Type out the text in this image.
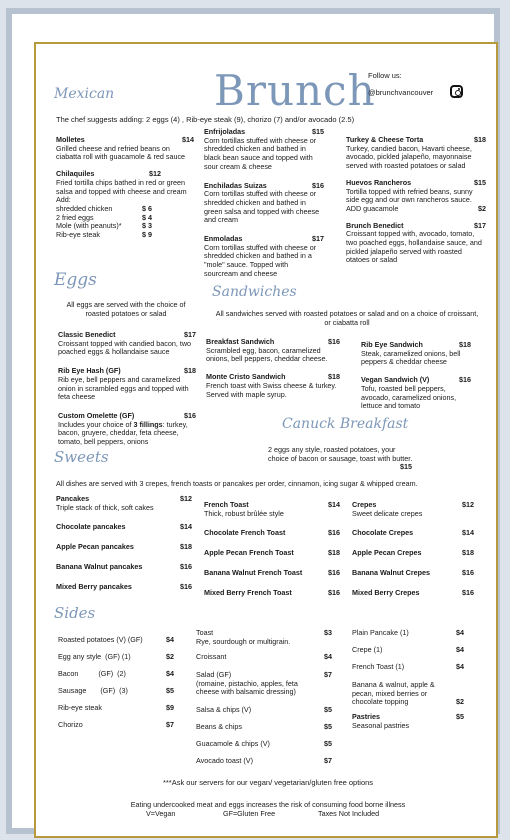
Mexican Brunch
Follow us:
@brunchvancouver
The chef suggests adding: 2 eggs (4) , Rib-eye steak (9), chorizo (7) and/or avocado (2.5)
Molletes	$14
Grilled cheese and refried beans on ciabatta roll with guacamole & red sauce
Chilaquiles	$12
Fried tortilla chips bathed in red or green salsa and topped with cheese and cream
Add:
shredded chicken	$ 6
2 fried eggs	$ 4
Mole (with peanuts)*	$ 3
Rib-eye steak	$ 9
Enfrijoladas	$15
Corn tortillas stuffed with cheese or shredded chicken and bathed in black bean sauce and topped with sour cream & cheese
Enchiladas Suizas	$16
Corn tortillas stuffed with cheese or shredded chicken and bathed in green salsa and topped with cheese and cream
Enmoladas	$17
Corn tortillas stuffed with cheese or shredded chicken and bathed in a "mole" sauce. Topped with sourcream and cheese
Turkey & Cheese Torta	$18
Turkey, candied bacon, Havarti cheese, avocado, pickled jalapeño, mayonnaise served with roasted potatoes or salad
Huevos Rancheros	$15
Tortilla topped with refried beans, sunny side egg and our own rancheros sauce.
ADD guacamole	$2
Brunch Benedict	$17
Croissant topped with, avocado, tomato, two poached eggs, hollandaise sauce, and pickled jalapeño served with roasted otatoes or salad
Eggs
All eggs are served with the choice of roasted potatoes or salad
Classic Benedict	$17
Croissant topped with candied bacon, two poached eggs & hollandaise sauce
Rib Eye Hash (GF)	$18
Rib eye, bell peppers and caramelized onion in scrambled eggs and topped with feta cheese
Custom Omelette (GF)	$16
Includes your choice of 3 fillings: turkey, bacon, gruyere, cheddar, feta cheese, tomato, bell peppers, onions
Sandwiches
All sandwiches served with roasted potatoes or salad and on a choice of croissant, or ciabatta roll
Breakfast Sandwich	$16
Scrambled egg, bacon, caramelized onions, bell peppers, cheddar cheese.
Monte Cristo Sandwich	$18
French toast with Swiss cheese & turkey. Served with maple syrup.
Rib Eye Sandwich	$18
Steak, caramelized onions, bell peppers & cheddar cheese
Vegan Sandwich (V)	$16
Tofu, roasted bell peppers, avocado, caramelized onions, lettuce and tomato
Canuck Breakfast
2 eggs any style, roasted potatoes, your choice of bacon or sausage, toast with butter.
$15
Sweets
All dishes are served with 3 crepes, french toasts or pancakes per order, cinnamon, icing sugar & whipped cream.
Pancakes	$12
Triple stack of thick, soft cakes
Chocolate pancakes	$14
Apple Pecan pancakes	$18
Banana Walnut pancakes	$16
Mixed Berry pancakes	$16
French Toast	$14
Thick, robust brûlée style
Chocolate French Toast	$16
Apple Pecan French Toast	$18
Banana Walnut French Toast	$16
Mixed Berry French Toast	$16
Crepes	$12
Sweet delicate crepes
Chocolate Crepes	$14
Apple Pecan Crepes	$18
Banana Walnut Crepes	$16
Mixed Berry Crepes	$16
Sides
Roasted potatoes (V) (GF)	$4
Egg any style  (GF) (1)	$2
Bacon          (GF)  (2)	$4
Sausage       (GF)  (3)	$5
Rib-eye steak	$9
Chorizo	$7
Toast	$3
Rye, sourdough or multigrain.
Croissant	$4
Salad (GF)	$7
(romaine, pistachio, apples, feta cheese with balsamic dressing)
Salsa & chips (V)	$5
Beans & chips	$5
Guacamole & chips (V)	$5
Avocado toast (V)	$7
Plain Pancake (1)	$4
Crepe (1)	$4
French Toast (1)	$4
Banana & walnut, apple & pecan, mixed berries or chocolate topping	$2
Pastries	$5
Seasonal pastries
***Ask our servers for our vegan/ vegetarian/gluten free options
Eating undercooked meat and eggs increases the risk of consuming food borne illness
V=Vegan	GF=Gluten Free	Taxes Not Included
